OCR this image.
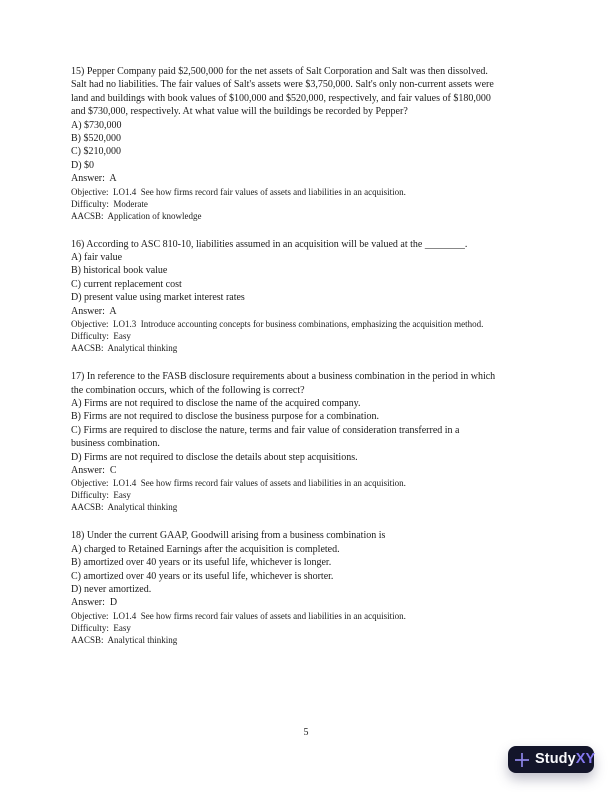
15) Pepper Company paid $2,500,000 for the net assets of Salt Corporation and Salt was then dissolved.
Salt had no liabilities. The fair values of Salt's assets were $3,750,000. Salt's only non-current assets were
land and buildings with book values of $100,000 and $520,000, respectively, and fair values of $180,000
and $730,000, respectively. At what value will the buildings be recorded by Pepper?
A) $730,000
B) $520,000
C) $210,000
D) $0
Answer:  A
Objective:  LO1.4  See how firms record fair values of assets and liabilities in an acquisition.
Difficulty:  Moderate
AACSB:  Application of knowledge
16) According to ASC 810-10, liabilities assumed in an acquisition will be valued at the ________.
A) fair value
B) historical book value
C) current replacement cost
D) present value using market interest rates
Answer:  A
Objective:  LO1.3  Introduce accounting concepts for business combinations, emphasizing the acquisition method.
Difficulty:  Easy
AACSB:  Analytical thinking
17) In reference to the FASB disclosure requirements about a business combination in the period in which
the combination occurs, which of the following is correct?
A) Firms are not required to disclose the name of the acquired company.
B) Firms are not required to disclose the business purpose for a combination.
C) Firms are required to disclose the nature, terms and fair value of consideration transferred in a
business combination.
D) Firms are not required to disclose the details about step acquisitions.
Answer:  C
Objective:  LO1.4  See how firms record fair values of assets and liabilities in an acquisition.
Difficulty:  Easy
AACSB:  Analytical thinking
18) Under the current GAAP, Goodwill arising from a business combination is
A) charged to Retained Earnings after the acquisition is completed.
B) amortized over 40 years or its useful life, whichever is longer.
C) amortized over 40 years or its useful life, whichever is shorter.
D) never amortized.
Answer:  D
Objective:  LO1.4  See how firms record fair values of assets and liabilities in an acquisition.
Difficulty:  Easy
AACSB:  Analytical thinking
5
Study XY
